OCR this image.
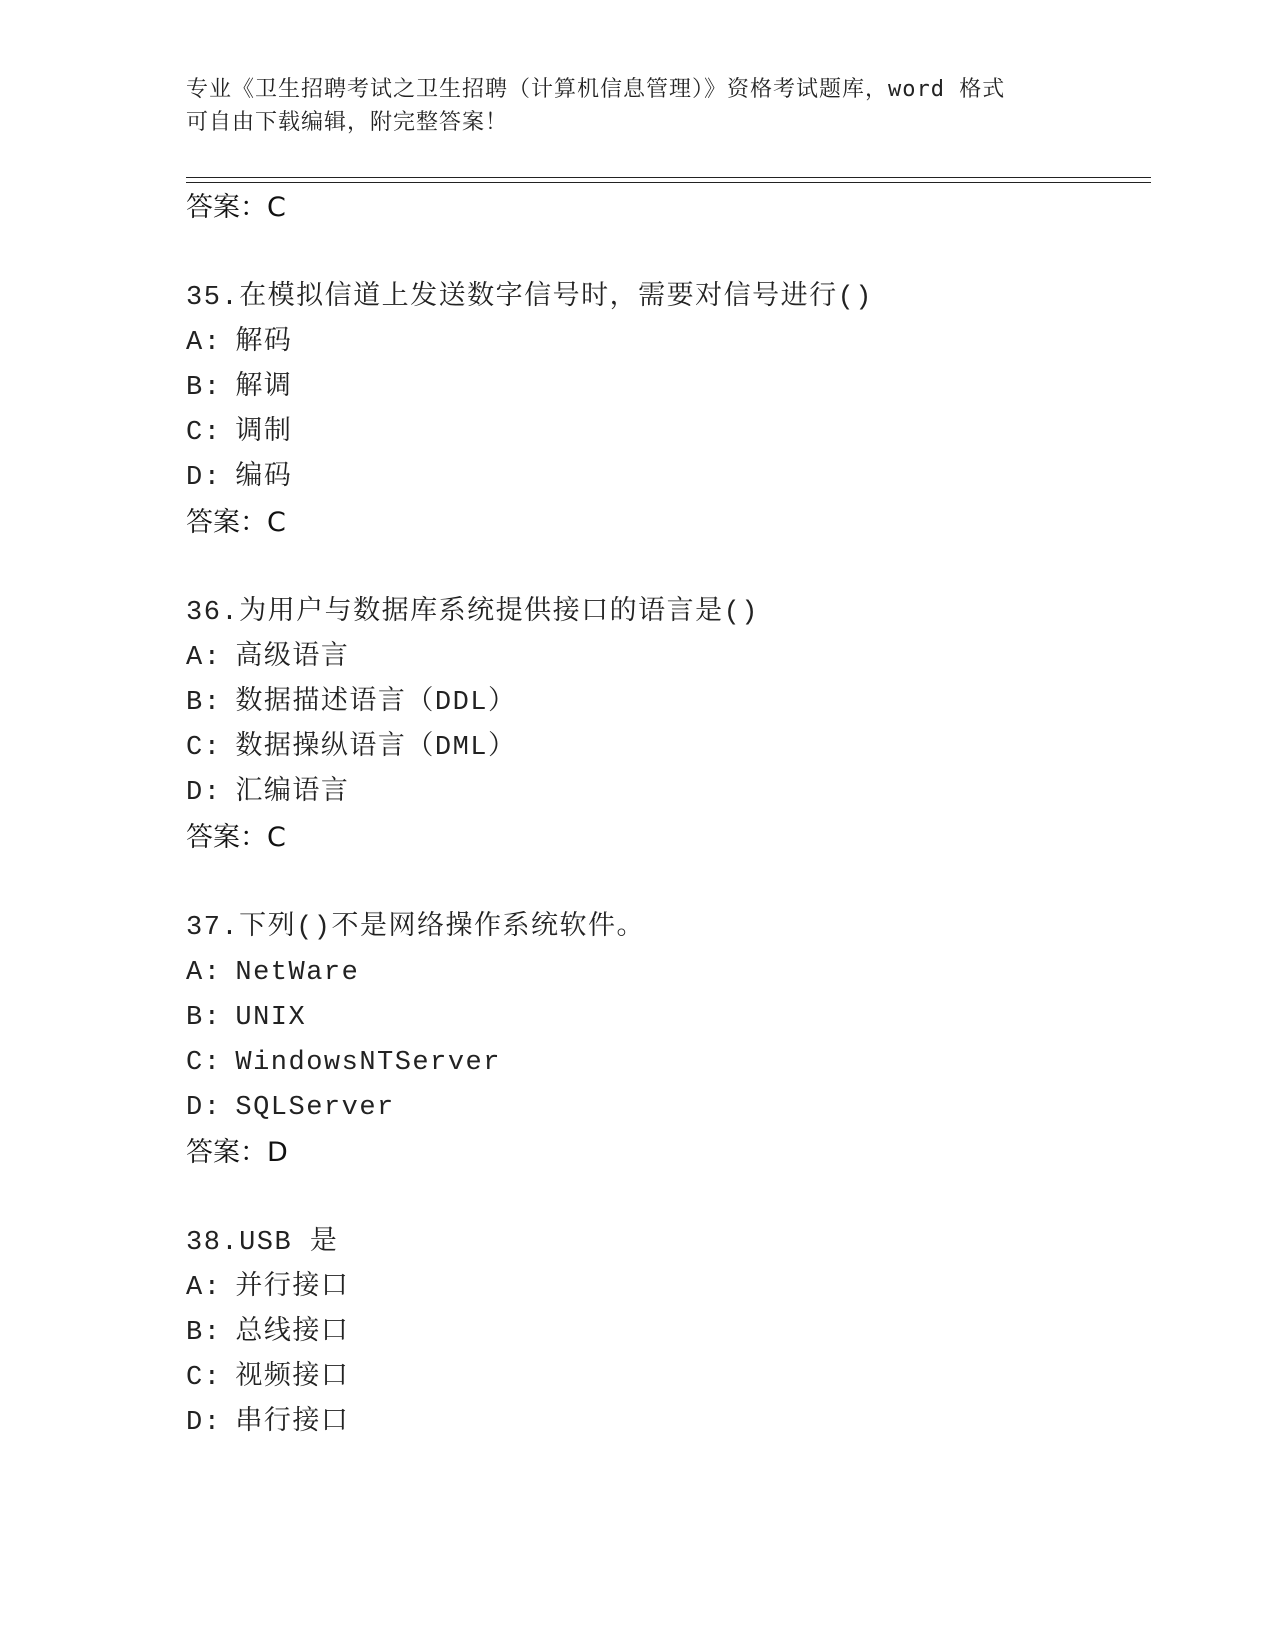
专业《卫生招聘考试之卫生招聘（计算机信息管理）》资格考试题库，word 格式
可自由下载编辑，附完整答案！
答案：C
35.在模拟信道上发送数字信号时，需要对信号进行()
A: 解码
B: 解调
C: 调制
D: 编码
答案：C
36.为用户与数据库系统提供接口的语言是()
A: 高级语言
B: 数据描述语言（DDL）
C: 数据操纵语言（DML）
D: 汇编语言
答案：C
37.下列()不是网络操作系统软件。
A: NetWare
B: UNIX
C: WindowsNTServer
D: SQLServer
答案：D
38.USB 是
A: 并行接口
B: 总线接口
C: 视频接口
D: 串行接口
